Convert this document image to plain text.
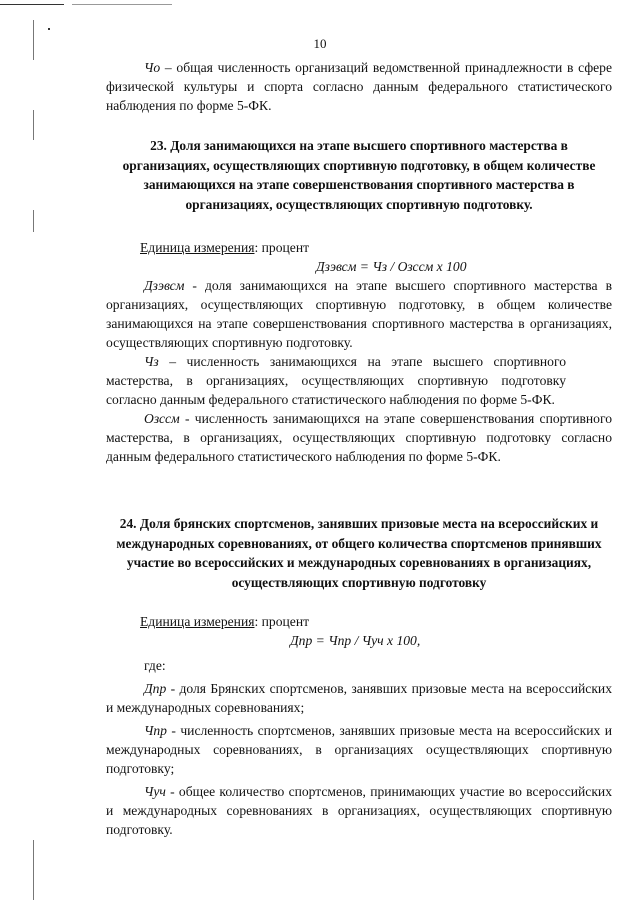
10

Чо – общая численность организаций ведомственной принадлежности в сфере физической культуры и спорта согласно данным федерального статистического наблюдения по форме 5-ФК.

23. Доля занимающихся на этапе высшего спортивного мастерства в организациях, осуществляющих спортивную подготовку, в общем количестве занимающихся на этапе совершенствования спортивного мастерства в организациях, осуществляющих спортивную подготовку.
Единица измерения: процент
Дзэвсм = Чз / Озссм х 100

Дзэвсм - доля занимающихся на этапе высшего спортивного мастерства в организациях, осуществляющих спортивную подготовку, в общем количестве занимающихся на этапе совершенствования спортивного мастерства в организациях, осуществляющих спортивную подготовку.

Чз – численность занимающихся на этапе высшего спортивного мастерства, в организациях, осуществляющих спортивную подготовку согласно данным федерального статистического наблюдения по форме 5-ФК.

Озссм - численность занимающихся на этапе совершенствования спортивного мастерства, в организациях, осуществляющих спортивную подготовку согласно данным федерального статистического наблюдения по форме 5-ФК.

24. Доля брянских спортсменов, занявших призовые места на всероссийских и международных соревнованиях, от общего количества спортсменов принявших участие во всероссийских и международных соревнованиях в организациях, осуществляющих спортивную подготовку
Единица измерения: процент
Дпр = Чпр / Чуч х 100,
где:

Дпр - доля Брянских спортсменов, занявших призовые места на всероссийских и международных соревнованиях;

Чпр - численность спортсменов, занявших призовые места на всероссийских и международных соревнованиях, в организациях осуществляющих спортивную подготовку;

Чуч - общее количество спортсменов, принимающих участие во всероссийских и международных соревнованиях в организациях, осуществляющих спортивную подготовку.
